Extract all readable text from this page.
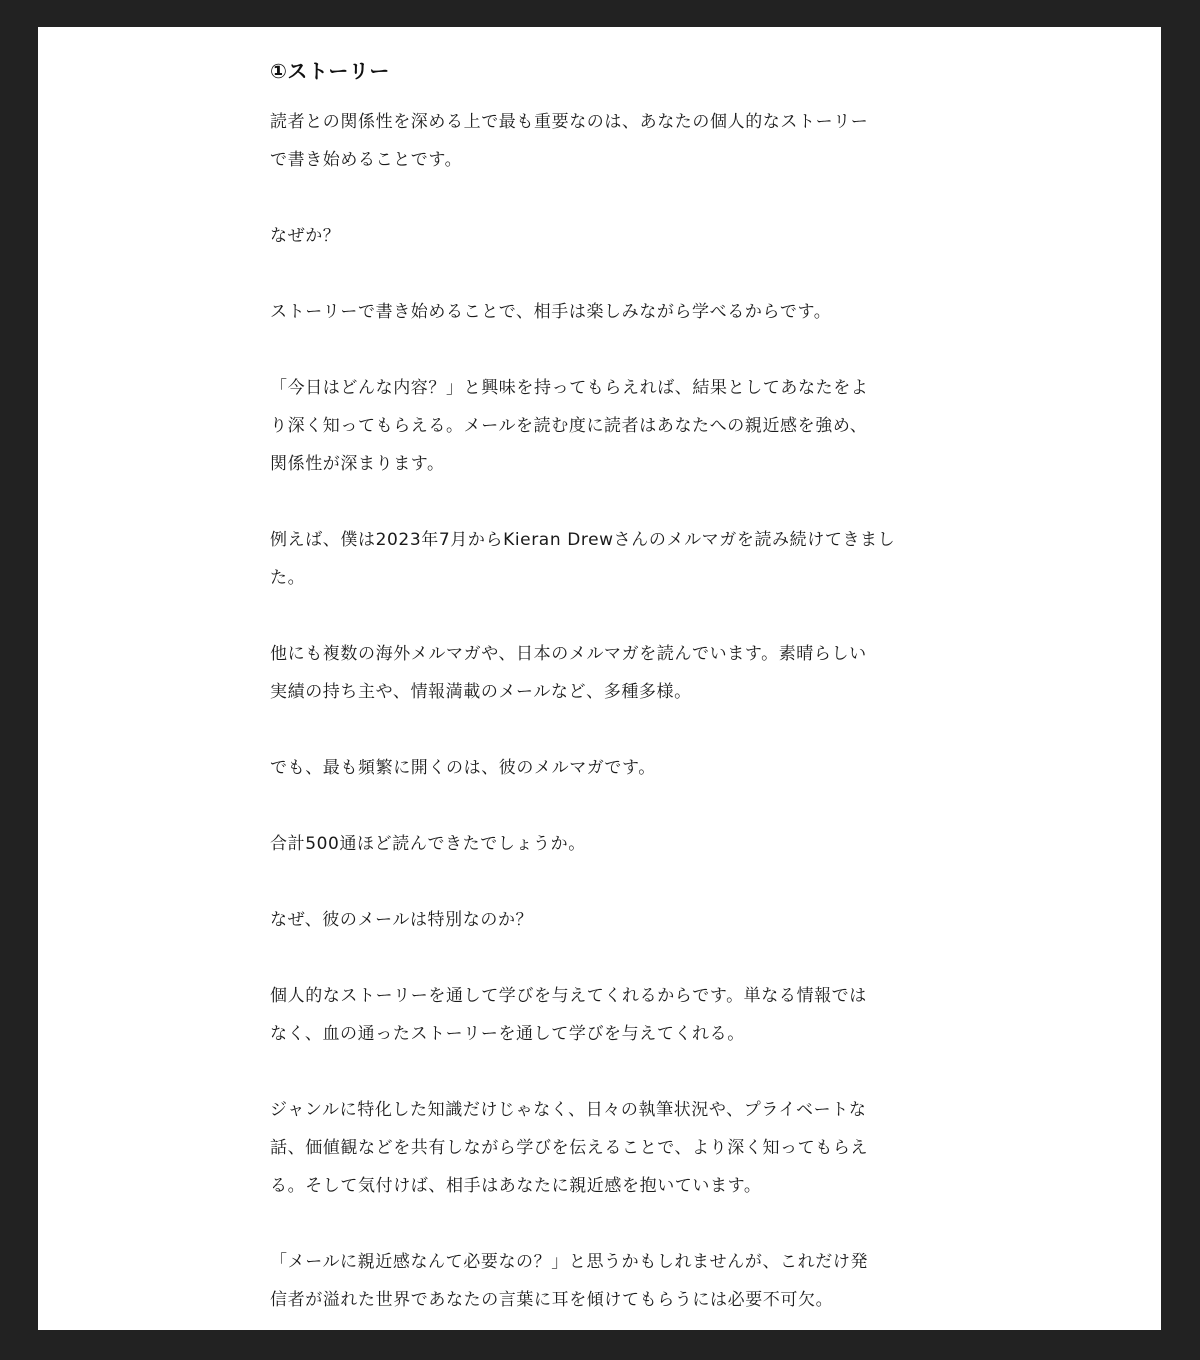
①ストーリー

読者との関係性を深める上で最も重要なのは、あなたの個人的なストーリー
で書き始めることです。

なぜか？

ストーリーで書き始めることで、相手は楽しみながら学べるからです。

「今日はどんな内容？」と興味を持ってもらえれば、結果としてあなたをよ
り深く知ってもらえる。メールを読む度に読者はあなたへの親近感を強め、
関係性が深まります。

例えば、僕は2023年7月からKieran Drewさんのメルマガを読み続けてきまし
た。

他にも複数の海外メルマガや、日本のメルマガを読んでいます。素晴らしい
実績の持ち主や、情報満載のメールなど、多種多様。

でも、最も頻繁に開くのは、彼のメルマガです。

合計500通ほど読んできたでしょうか。

なぜ、彼のメールは特別なのか？

個人的なストーリーを通して学びを与えてくれるからです。単なる情報では
なく、血の通ったストーリーを通して学びを与えてくれる。

ジャンルに特化した知識だけじゃなく、日々の執筆状況や、プライベートな
話、価値観などを共有しながら学びを伝えることで、より深く知ってもらえ
る。そして気付けば、相手はあなたに親近感を抱いています。

「メールに親近感なんて必要なの？」と思うかもしれませんが、これだけ発
信者が溢れた世界であなたの言葉に耳を傾けてもらうには必要不可欠。
